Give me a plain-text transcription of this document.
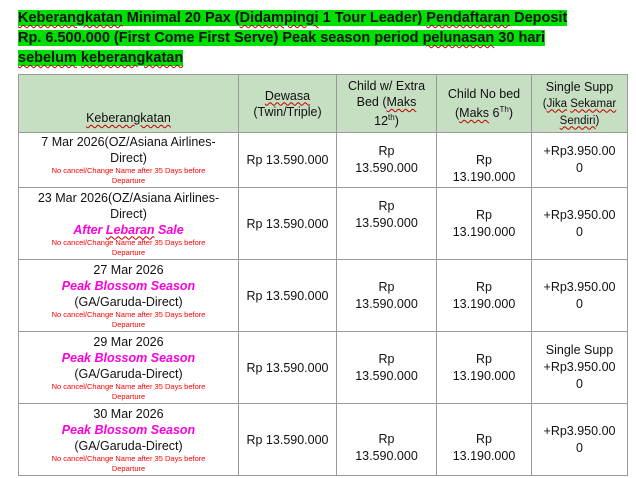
Keberangkatan Minimal 20 Pax (Didampingi 1 Tour Leader) Pendaftaran Deposit Rp. 6.500.000 (First Come First Serve) Peak season period pelunasan 30 hari sebelum keberangkatan
Keberangkatan	Dewasa
(Twin/Triple)	Child w/ Extra
Bed (Maks
12th)	Child No bed
(Maks 6Th)	Single Supp
(Jika Sekamar
Sendiri)

7 Mar 2026(OZ/Asiana Airlines-
Direct)
No cancel/Change Name after 35 Days before
Departure	Rp 13.590.000	Rp
13.590.000	Rp
13.190.000	+Rp3.950.00
0

23 Mar 2026(OZ/Asiana Airlines-
Direct)
After Lebaran Sale
No cancel/Change Name after 35 Days before
Departure	Rp 13.590.000	Rp
13.590.000	Rp
13.190.000	+Rp3.950.00
0

27 Mar 2026
Peak Blossom Season
(GA/Garuda-Direct)
No cancel/Change Name after 35 Days before
Departure	Rp 13.590.000	Rp
13.590.000	Rp
13.190.000	+Rp3.950.00
0

29 Mar 2026
Peak Blossom Season
(GA/Garuda-Direct)
No cancel/Change Name after 35 Days before
Departure	Rp 13.590.000	Rp
13.590.000	Rp
13.190.000	Single Supp
+Rp3.950.00
0

30 Mar 2026
Peak Blossom Season
(GA/Garuda-Direct)
No cancel/Change Name after 35 Days before
Departure	Rp 13.590.000	Rp
13.590.000	Rp
13.190.000	+Rp3.950.00
0
